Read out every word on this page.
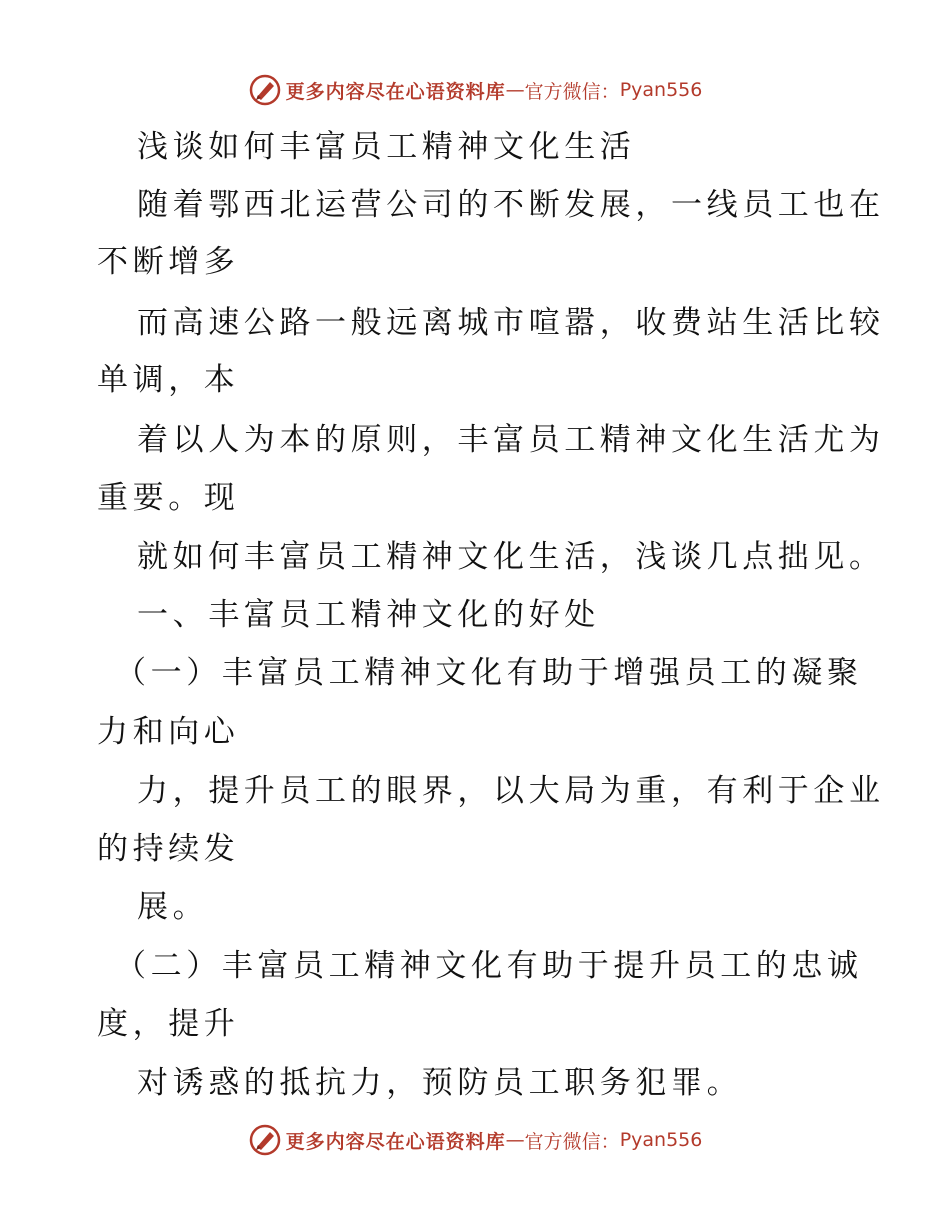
更多内容尽在心语资料库 — 官方微信： Pyan556
浅谈如何丰富员工精神文化生活
随着鄂西北运营公司的不断发展，一线员工也在
不断增多
而高速公路一般远离城市喧嚣，收费站生活比较
单调，本
着以人为本的原则，丰富员工精神文化生活尤为
重要。现
就如何丰富员工精神文化生活，浅谈几点拙见。
一、丰富员工精神文化的好处
（一）丰富员工精神文化有助于增强员工的凝聚
力和向心
力，提升员工的眼界，以大局为重，有利于企业
的持续发
展。
（二）丰富员工精神文化有助于提升员工的忠诚
度，提升
对诱惑的抵抗力，预防员工职务犯罪。
更多内容尽在心语资料库 — 官方微信： Pyan556
